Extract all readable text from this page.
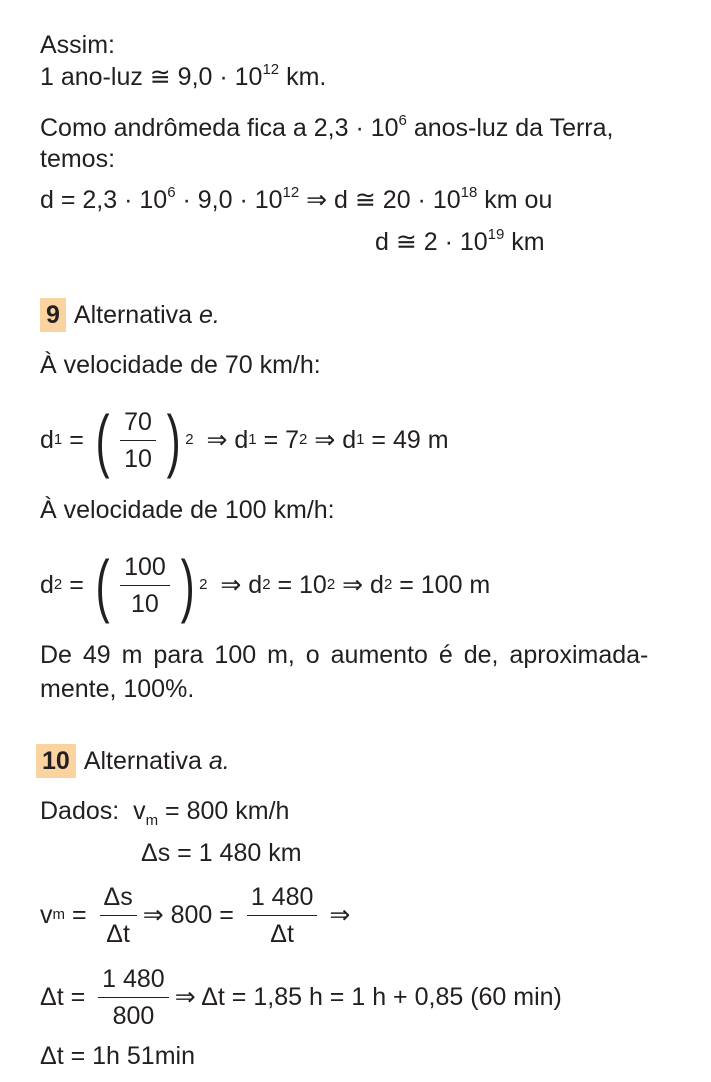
Assim:
1 ano-luz ≅ $9,0 \cdot 10^{12}$ km.
Como andrômeda fica a $2,3 \cdot 10^6$ anos-luz da Terra,
temos:
$d = 2,3 \cdot 10^6 \cdot 9,0 \cdot 10^{12}$ ⇒ d ≅ $20 \cdot 10^{18}$ km ou
d ≅ $2 \cdot 10^{19}$ km
9 Alternativa e.
À velocidade de 70 km/h:
d 1 = ( $\frac{70}{10}$ ) 2 ⇒ d 1 = 7 2 ⇒ d 1 = 49 m
À velocidade de 100 km/h:
d 2 = ( $\frac{100}{10}$ ) 2 ⇒ d 2 = 10 2 ⇒ d 2 = 100 m
De 49 m para 100 m, o aumento é de, aproximada-
mente, 100%.
10 Alternativa a.
Dados:  $v_m = 800$ km/h
Δs = 1 480 km
v $m = \frac{\Delta s}{\Delta t}$ ⇒ $800 = \frac{1 480}{\Delta t}$ ⇒
$\Delta t = \frac{1 480}{800}$ ⇒ Δt = 1,85 h = 1 h + 0,85 (60 min)
Δt = 1h 51min
